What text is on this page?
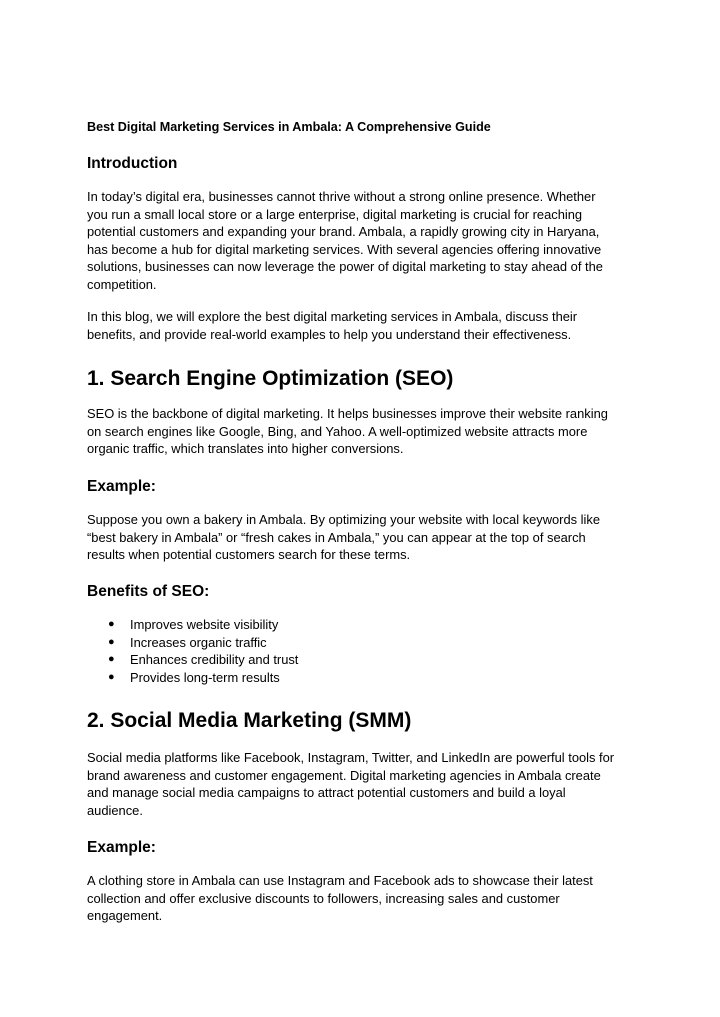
Best Digital Marketing Services in Ambala: A Comprehensive Guide
Introduction

In today’s digital era, businesses cannot thrive without a strong online presence. Whether
you run a small local store or a large enterprise, digital marketing is crucial for reaching
potential customers and expanding your brand. Ambala, a rapidly growing city in Haryana,
has become a hub for digital marketing services. With several agencies offering innovative
solutions, businesses can now leverage the power of digital marketing to stay ahead of the
competition.

In this blog, we will explore the best digital marketing services in Ambala, discuss their
benefits, and provide real-world examples to help you understand their effectiveness.

1. Search Engine Optimization (SEO)

SEO is the backbone of digital marketing. It helps businesses improve their website ranking
on search engines like Google, Bing, and Yahoo. A well-optimized website attracts more
organic traffic, which translates into higher conversions.

Example:

Suppose you own a bakery in Ambala. By optimizing your website with local keywords like
“best bakery in Ambala” or “fresh cakes in Ambala,” you can appear at the top of search
results when potential customers search for these terms.

Benefits of SEO:
● Improves website visibility
● Increases organic traffic
● Enhances credibility and trust
● Provides long-term results
2. Social Media Marketing (SMM)

Social media platforms like Facebook, Instagram, Twitter, and LinkedIn are powerful tools for
brand awareness and customer engagement. Digital marketing agencies in Ambala create
and manage social media campaigns to attract potential customers and build a loyal
audience.

Example:

A clothing store in Ambala can use Instagram and Facebook ads to showcase their latest
collection and offer exclusive discounts to followers, increasing sales and customer
engagement.
